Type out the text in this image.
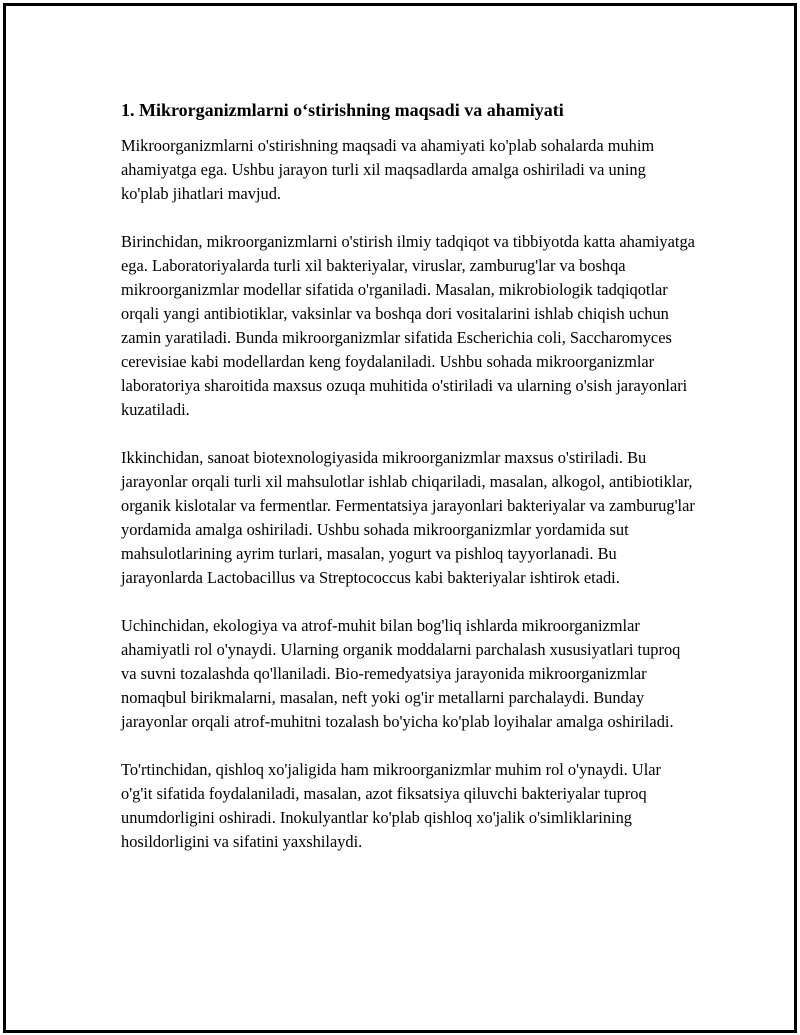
1. Mikrorganizmlarni o‘stirishning maqsadi va ahamiyati

Mikroorganizmlarni o'stirishning maqsadi va ahamiyati ko'plab sohalarda muhim ahamiyatga ega. Ushbu jarayon turli xil maqsadlarda amalga oshiriladi va uning ko'plab jihatlari mavjud.

Birinchidan, mikroorganizmlarni o'stirish ilmiy tadqiqot va tibbiyotda katta ahamiyatga ega. Laboratoriyalarda turli xil bakteriyalar, viruslar, zamburug'lar va boshqa mikroorganizmlar modellar sifatida o'rganiladi. Masalan, mikrobiologik tadqiqotlar orqali yangi antibiotiklar, vaksinlar va boshqa dori vositalarini ishlab chiqish uchun zamin yaratiladi. Bunda mikroorganizmlar sifatida Escherichia coli, Saccharomyces cerevisiae kabi modellardan keng foydalaniladi. Ushbu sohada mikroorganizmlar laboratoriya sharoitida maxsus ozuqa muhitida o'stiriladi va ularning o'sish jarayonlari kuzatiladi.

Ikkinchidan, sanoat biotexnologiyasida mikroorganizmlar maxsus o'stiriladi. Bu jarayonlar orqali turli xil mahsulotlar ishlab chiqariladi, masalan, alkogol, antibiotiklar, organik kislotalar va fermentlar. Fermentatsiya jarayonlari bakteriyalar va zamburug'lar yordamida amalga oshiriladi. Ushbu sohada mikroorganizmlar yordamida sut mahsulotlarining ayrim turlari, masalan, yogurt va pishloq tayyorlanadi. Bu jarayonlarda Lactobacillus va Streptococcus kabi bakteriyalar ishtirok etadi.

Uchinchidan, ekologiya va atrof-muhit bilan bog'liq ishlarda mikroorganizmlar ahamiyatli rol o'ynaydi. Ularning organik moddalarni parchalash xususiyatlari tuproq va suvni tozalashda qo'llaniladi. Bio-remedyatsiya jarayonida mikroorganizmlar nomaqbul birikmalarni, masalan, neft yoki og'ir metallarni parchalaydi. Bunday jarayonlar orqali atrof-muhitni tozalash bo'yicha ko'plab loyihalar amalga oshiriladi.

To'rtinchidan, qishloq xo'jaligida ham mikroorganizmlar muhim rol o'ynaydi. Ular o'g'it sifatida foydalaniladi, masalan, azot fiksatsiya qiluvchi bakteriyalar tuproq unumdorligini oshiradi. Inokulyantlar ko'plab qishloq xo'jalik o'simliklarining hosildorligini va sifatini yaxshilaydi.
